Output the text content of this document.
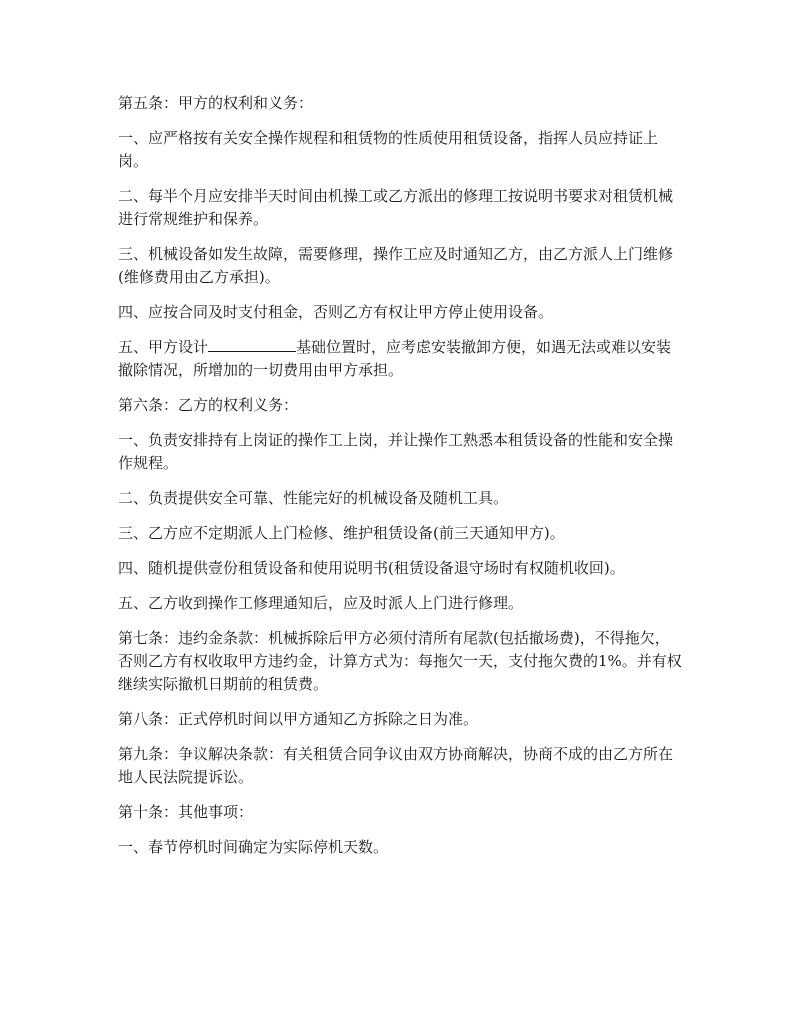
第五条：甲方的权利和义务：

一、应严格按有关安全操作规程和租赁物的性质使用租赁设备，指挥人员应持证上岗。

二、每半个月应安排半天时间由机操工或乙方派出的修理工按说明书要求对租赁机械进行常规维护和保养。

三、机械设备如发生故障，需要修理，操作工应及时通知乙方，由乙方派人上门维修(维修费用由乙方承担)。

四、应按合同及时支付租金，否则乙方有权让甲方停止使用设备。

五、甲方设计	基础位置时，应考虑安装撤卸方便，如遇无法或难以安装撤除情况，所增加的一切费用由甲方承担。

第六条：乙方的权利义务：

一、负责安排持有上岗证的操作工上岗，并让操作工熟悉本租赁设备的性能和安全操作规程。

二、负责提供安全可靠、性能完好的机械设备及随机工具。

三、乙方应不定期派人上门检修、维护租赁设备(前三天通知甲方)。

四、随机提供壹份租赁设备和使用说明书(租赁设备退守场时有权随机收回)。

五、乙方收到操作工修理通知后，应及时派人上门进行修理。

第七条：违约金条款：机械拆除后甲方必须付清所有尾款(包括撤场费)，不得拖欠，否则乙方有权收取甲方违约金，计算方式为：每拖欠一天，支付拖欠费的1%。并有权继续实际撤机日期前的租赁费。

第八条：正式停机时间以甲方通知乙方拆除之日为准。

第九条：争议解决条款：有关租赁合同争议由双方协商解决，协商不成的由乙方所在地人民法院提诉讼。

第十条：其他事项：

一、春节停机时间确定为实际停机天数。
